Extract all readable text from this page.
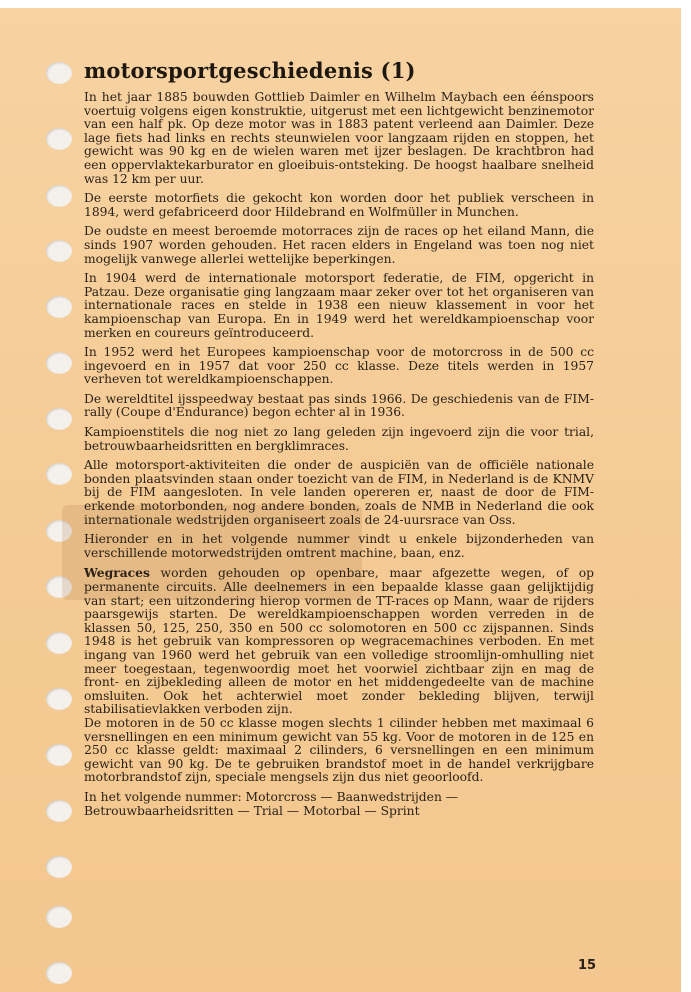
motorsportgeschiedenis (1)

In het jaar 1885 bouwden Gottlieb Daimler en Wilhelm Maybach een éénspoors voertuig volgens eigen konstruktie, uitgerust met een lichtgewicht benzinemotor van een half pk. Op deze motor was in 1883 patent verleend aan Daimler. Deze lage fiets had links en rechts steunwielen voor langzaam rijden en stoppen, het gewicht was 90 kg en de wielen waren met ijzer beslagen. De krachtbron had een oppervlaktekarburator en gloeibuis-ontsteking. De hoogst haalbare snelheid was 12 km per uur.

De eerste motorfiets die gekocht kon worden door het publiek verscheen in 1894, werd gefabriceerd door Hildebrand en Wolfmüller in Munchen.

De oudste en meest beroemde motorraces zijn de races op het eiland Mann, die sinds 1907 worden gehouden. Het racen elders in Engeland was toen nog niet mogelijk vanwege allerlei wettelijke beperkingen.

In 1904 werd de internationale motorsport federatie, de FIM, opgericht in Patzau. Deze organisatie ging langzaam maar zeker over tot het organiseren van internationale races en stelde in 1938 een nieuw klassement in voor het kampioenschap van Europa. En in 1949 werd het wereldkampioenschap voor merken en coureurs geïntroduceerd.

In 1952 werd het Europees kampioenschap voor de motorcross in de 500 cc ingevoerd en in 1957 dat voor 250 cc klasse. Deze titels werden in 1957 verheven tot wereldkampioenschappen.

De wereldtitel ijsspeedway bestaat pas sinds 1966. De geschiedenis van de FIM-rally (Coupe d'Endurance) begon echter al in 1936.

Kampioenstitels die nog niet zo lang geleden zijn ingevoerd zijn die voor trial, betrouwbaarheidsritten en bergklimraces.

Alle motorsport-aktiviteiten die onder de auspiciën van de officiële nationale bonden plaatsvinden staan onder toezicht van de FIM, in Nederland is de KNMV bij de FIM aangesloten. In vele landen opereren er, naast de door de FIM-erkende motorbonden, nog andere bonden, zoals de NMB in Nederland die ook internationale wedstrijden organiseert zoals de 24-uursrace van Oss.

Hieronder en in het volgende nummer vindt u enkele bijzonderheden van verschillende motorwedstrijden omtrent machine, baan, enz.

Wegraces worden gehouden op openbare, maar afgezette wegen, of op permanente circuits. Alle deelnemers in een bepaalde klasse gaan gelijktijdig van start; een uitzondering hierop vormen de TT-races op Mann, waar de rijders paarsgewijs starten. De wereldkampioenschappen worden verreden in de klassen 50, 125, 250, 350 en 500 cc solomotoren en 500 cc zijspannen. Sinds 1948 is het gebruik van kompressoren op wegracemachines verboden. En met ingang van 1960 werd het gebruik van een volledige stroomlijn-omhulling niet meer toegestaan, tegenwoordig moet het voorwiel zichtbaar zijn en mag de front- en zijbekleding alleen de motor en het middengedeelte van de machine omsluiten. Ook het achterwiel moet zonder bekleding blijven, terwijl stabilisatievlakken verboden zijn.

De motoren in de 50 cc klasse mogen slechts 1 cilinder hebben met maximaal 6 versnellingen en een minimum gewicht van 55 kg. Voor de motoren in de 125 en 250 cc klasse geldt: maximaal 2 cilinders, 6 versnellingen en een minimum gewicht van 90 kg. De te gebruiken brandstof moet in de handel verkrijgbare motorbrandstof zijn, speciale mengsels zijn dus niet geoorloofd.

In het volgende nummer: Motorcross — Baanwedstrijden — Betrouwbaarheidsritten — Trial — Motorbal — Sprint

15
